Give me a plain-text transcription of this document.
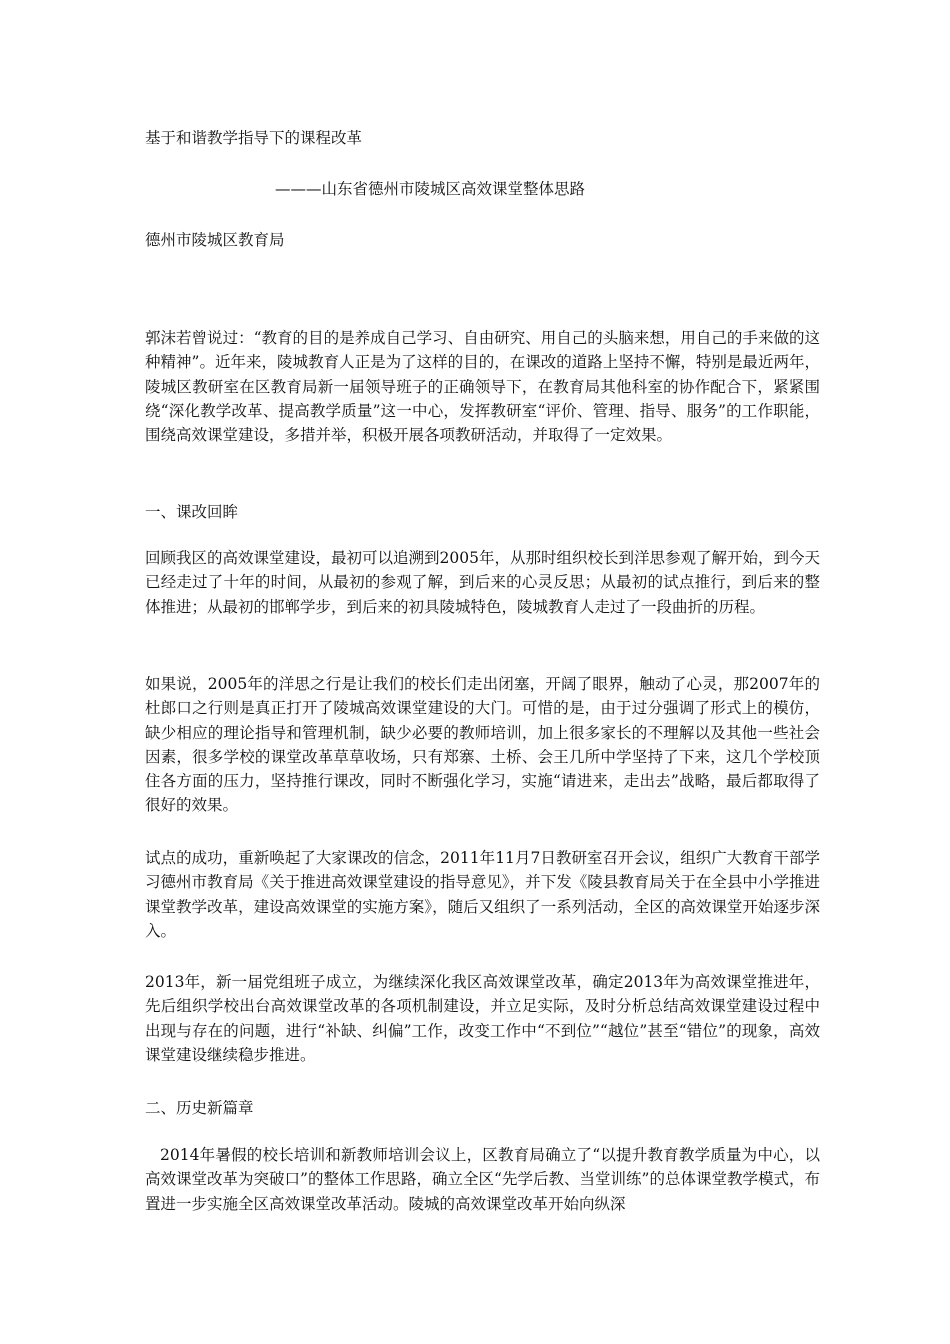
基于和谐教学指导下的课程改革
———山东省德州市陵城区高效课堂整体思路
德州市陵城区教育局
郭沫若曾说过：“教育的目的是养成自己学习、自由研究、用自己的头脑来想，用自己的手来做的这种精神”。近年来，陵城教育人正是为了这样的目的，在课改的道路上坚持不懈，特别是最近两年，陵城区教研室在区教育局新一届领导班子的正确领导下，在教育局其他科室的协作配合下，紧紧围绕“深化教学改革、提高教学质量”这一中心，发挥教研室“评价、管理、指导、服务”的工作职能，围绕高效课堂建设，多措并举，积极开展各项教研活动，并取得了一定效果。
一、课改回眸
回顾我区的高效课堂建设，最初可以追溯到2005年，从那时组织校长到洋思参观了解开始，到今天已经走过了十年的时间，从最初的参观了解，到后来的心灵反思；从最初的试点推行，到后来的整体推进；从最初的邯郸学步，到后来的初具陵城特色，陵城教育人走过了一段曲折的历程。
如果说，2005年的洋思之行是让我们的校长们走出闭塞，开阔了眼界，触动了心灵，那2007年的杜郎口之行则是真正打开了陵城高效课堂建设的大门。可惜的是，由于过分强调了形式上的模仿，缺少相应的理论指导和管理机制，缺少必要的教师培训，加上很多家长的不理解以及其他一些社会因素，很多学校的课堂改革草草收场，只有郑寨、土桥、会王几所中学坚持了下来，这几个学校顶住各方面的压力，坚持推行课改，同时不断强化学习，实施“请进来，走出去”战略，最后都取得了很好的效果。
试点的成功，重新唤起了大家课改的信念，2011年11月7日教研室召开会议，组织广大教育干部学习德州市教育局《关于推进高效课堂建设的指导意见》，并下发《陵县教育局关于在全县中小学推进课堂教学改革，建设高效课堂的实施方案》，随后又组织了一系列活动，全区的高效课堂开始逐步深入。
2013年，新一届党组班子成立，为继续深化我区高效课堂改革，确定2013年为高效课堂推进年，先后组织学校出台高效课堂改革的各项机制建设，并立足实际，及时分析总结高效课堂建设过程中出现与存在的问题，进行“补缺、纠偏”工作，改变工作中“不到位”“越位”甚至“错位”的现象，高效课堂建设继续稳步推进。
二、历史新篇章
2014年暑假的校长培训和新教师培训会议上，区教育局确立了“以提升教育教学质量为中心，以高效课堂改革为突破口”的整体工作思路，确立全区“先学后教、当堂训练”的总体课堂教学模式，布置进一步实施全区高效课堂改革活动。陵城的高效课堂改革开始向纵深
